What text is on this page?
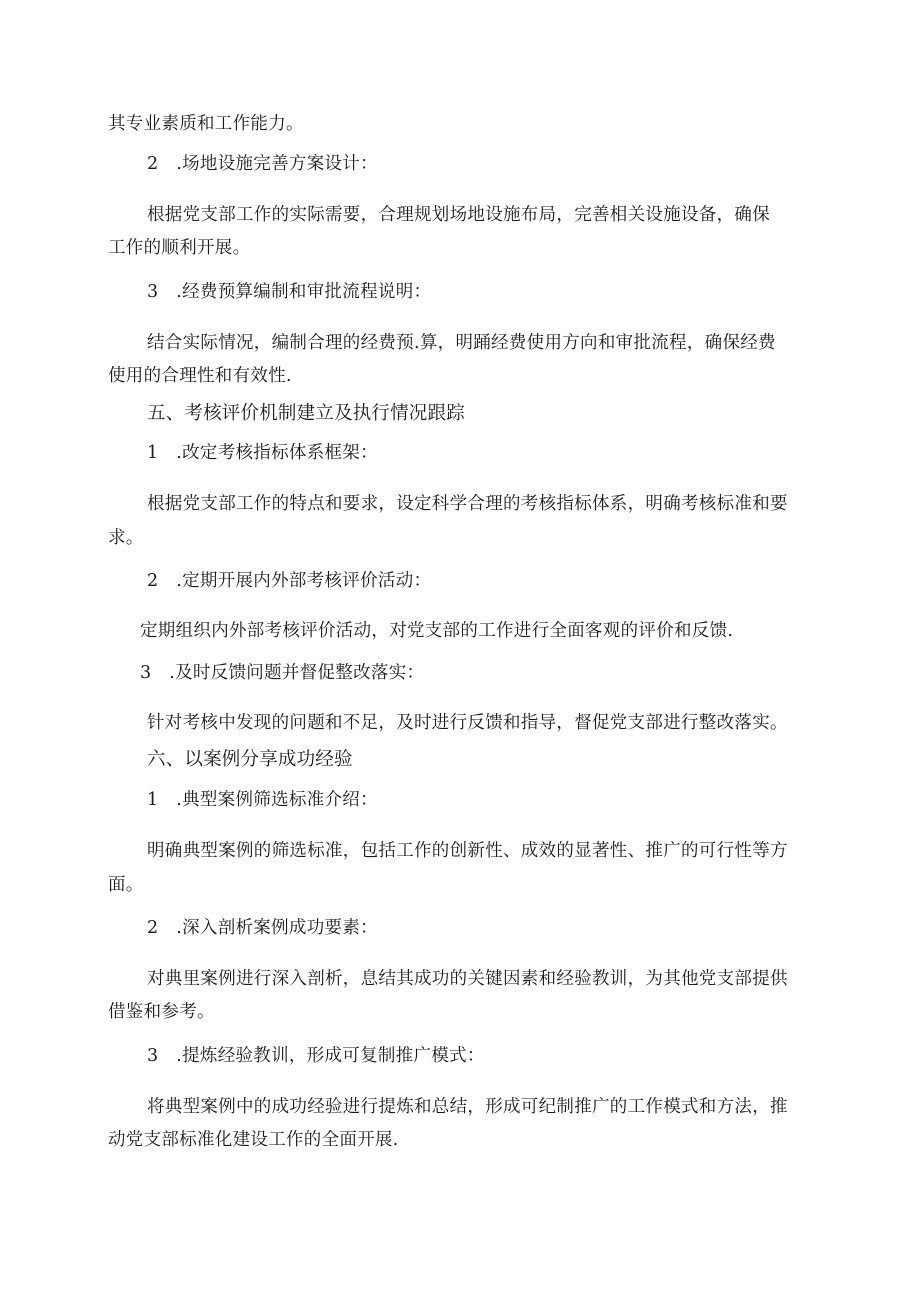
其专业素质和工作能力。
2　.场地设施完善方案设计：
根据党支部工作的实际需要，合理规划场地设施布局，完善相关设施设备，确保
工作的顺利开展。
3　.经费预算编制和审批流程说明：
结合实际情况，编制合理的经费预.算，明踊经费使用方向和审批流程，确保经费
使用的合理性和有效性.
五、考核评价机制建立及执行情况跟踪
1　.改定考核指标体系框架：
根据党支部工作的特点和要求，设定科学合理的考核指标体系，明确考核标准和要
求。
2　.定期开展内外部考核评价活动：
定期组织内外部考核评价活动，对党支部的工作进行全面客观的评价和反馈.
3　.及时反馈问题并督促整改落实：
针对考核中发现的问题和不足，及时进行反馈和指导，督促党支部进行整改落实。
六、以案例分享成功经验
1　.典型案例筛选标准介绍：
明确典型案例的筛选标准，包括工作的创新性、成效的显著性、推广的可行性等方
面。
2　.深入剖析案例成功要素：
对典里案例进行深入剖析，息结其成功的关键因素和经验教训，为其他党支部提供
借鉴和参考。
3　.提炼经验教训，形成可复制推广模式：
将典型案例中的成功经验进行提炼和总结，形成可纪制推广的工作模式和方法，推
动党支部标准化建设工作的全面开展.
